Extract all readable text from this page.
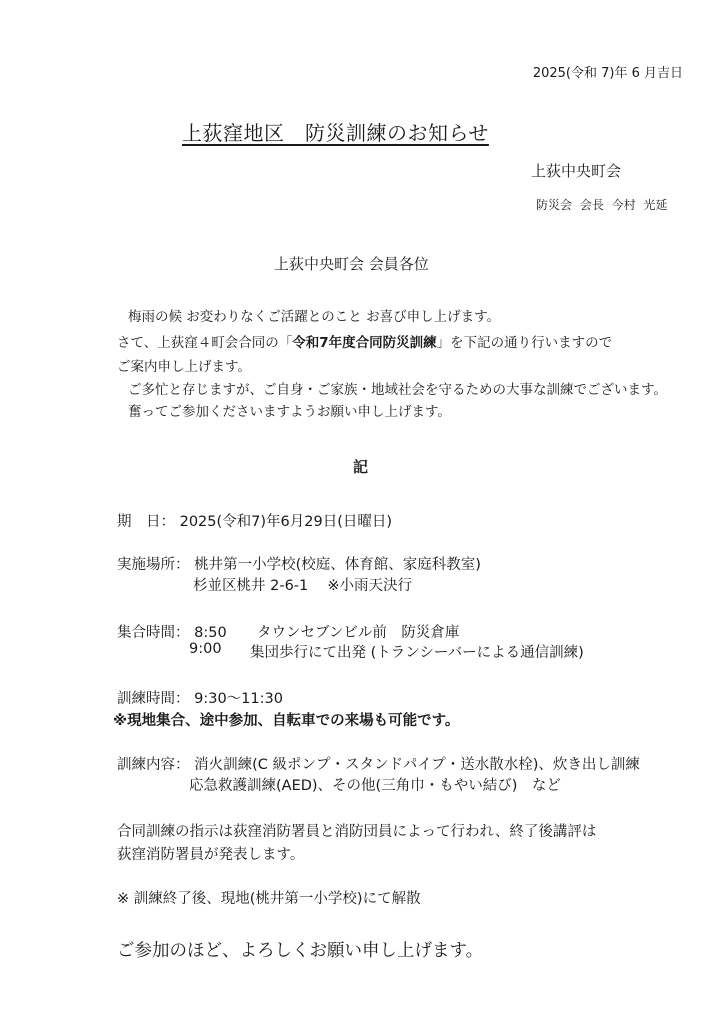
2025(令和 7)年 6 月吉日
上荻窪地区　防災訓練のお知らせ
上荻中央町会
防災会 会長 今村 光延
上荻中央町会 会員各位
梅雨の候 お変わりなくご活躍とのこと お喜び申し上げます。
さて、上荻窪４町会合同の「令和7年度合同防災訓練」を下記の通り行いますので
ご案内申し上げます。
ご多忙と存じますが、ご自身・ご家族・地域社会を守るための大事な訓練でございます。
奮ってご参加くださいますようお願い申し上げます。
記
期　日： 2025(令和7)年6月29日(日曜日)
実施場所： 桃井第一小学校(校庭、体育館、家庭科教室)
杉並区桃井 2-6-1　 ※小雨天決行
集合時間： 8:50 タウンセブンビル前　防災倉庫
9:00 集団歩行にて出発 (トランシーバーによる通信訓練)
訓練時間： 9:30～11:30
※現地集合、途中参加、自転車での来場も可能です。
訓練内容： 消火訓練(C 級ポンプ・スタンドパイプ・送水散水栓)、炊き出し訓練
応急救護訓練(AED)、その他(三角巾・もやい結び)　など
合同訓練の指示は荻窪消防署員と消防団員によって行われ、終了後講評は
荻窪消防署員が発表します。
※ 訓練終了後、現地(桃井第一小学校)にて解散
ご参加のほど、よろしくお願い申し上げます。
